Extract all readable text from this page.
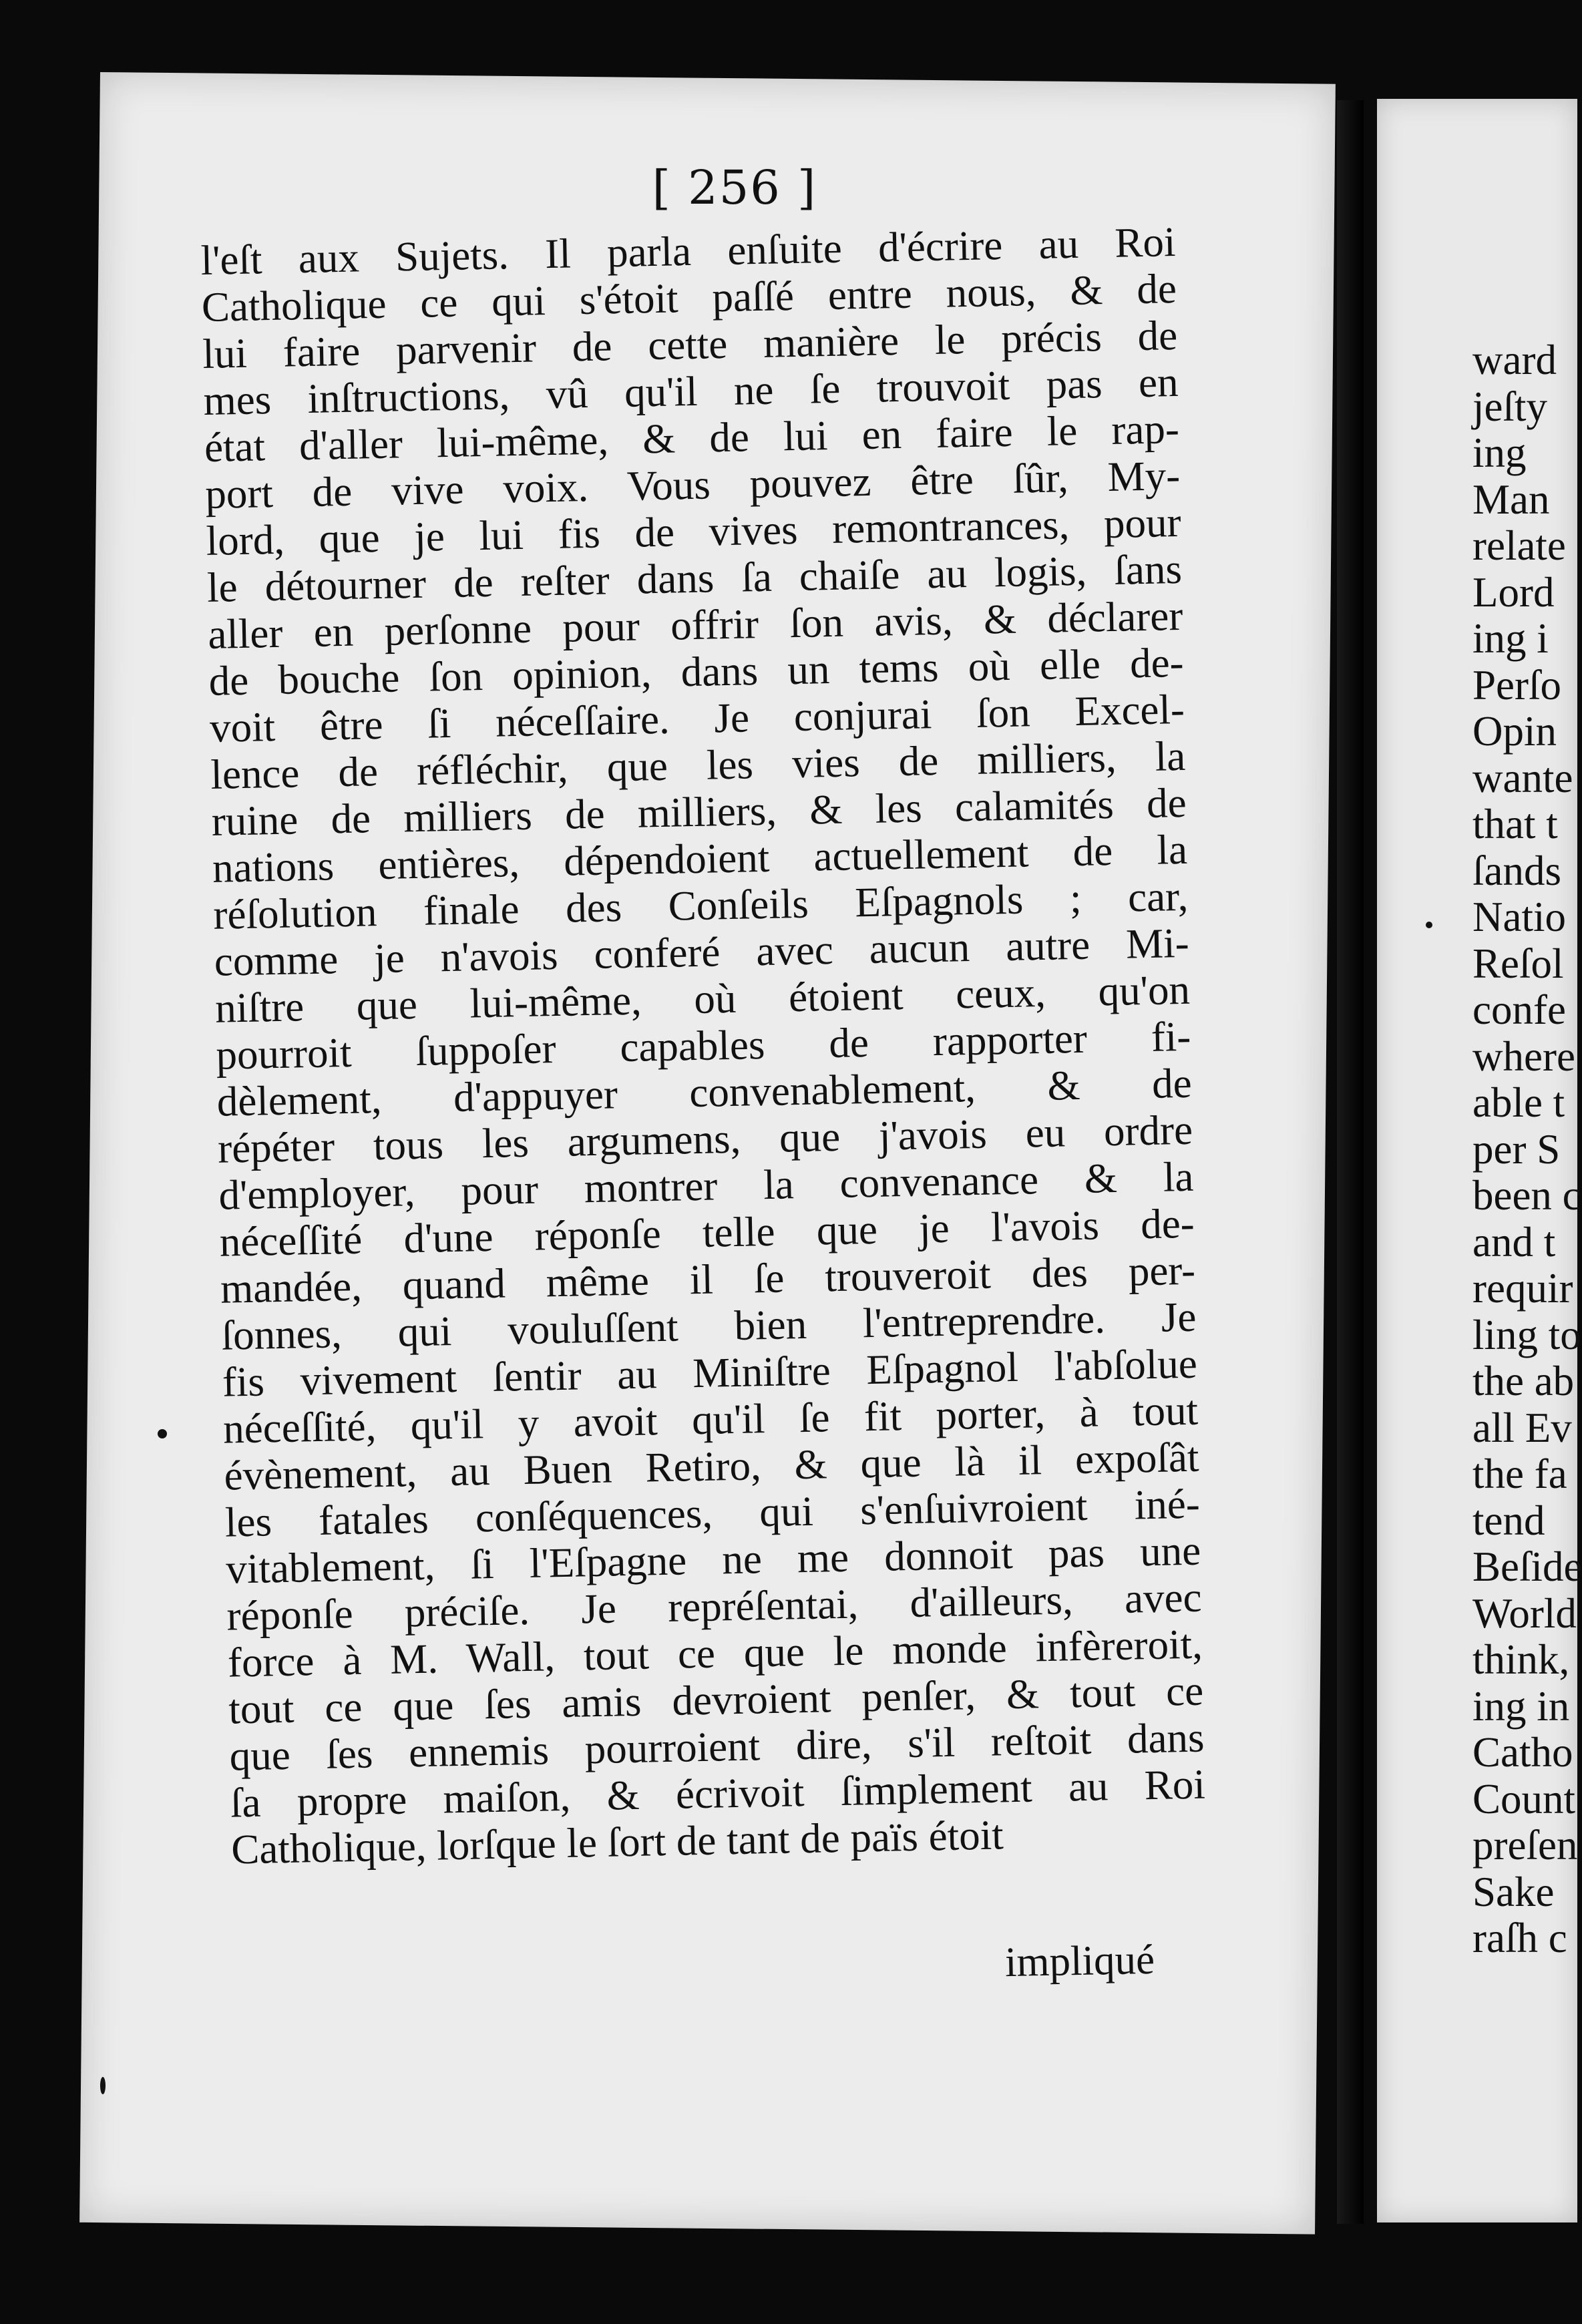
[ 256 ]
l'eſt aux Sujets. Il parla enſuite d'écrire au Roi
Catholique ce qui s'étoit paſſé entre nous, & de
lui faire parvenir de cette manière le précis de
mes inſtructions, vû qu'il ne ſe trouvoit pas en
état d'aller lui-même, & de lui en faire le rap-
port de vive voix. Vous pouvez être ſûr, My-
lord, que je lui fis de vives remontrances, pour
le détourner de reſter dans ſa chaiſe au logis, ſans
aller en perſonne pour offrir ſon avis, & déclarer
de bouche ſon opinion, dans un tems où elle de-
voit être ſi néceſſaire. Je conjurai ſon Excel-
lence de réfléchir, que les vies de milliers, la
ruine de milliers de milliers, & les calamités de
nations entières, dépendoient actuellement de la
réſolution finale des Conſeils Eſpagnols ; car,
comme je n'avois conferé avec aucun autre Mi-
niſtre que lui-même, où étoient ceux, qu'on
pourroit ſuppoſer capables de rapporter fi-
dèlement, d'appuyer convenablement, & de
répéter tous les argumens, que j'avois eu ordre
d'employer, pour montrer la convenance & la
néceſſité d'une réponſe telle que je l'avois de-
mandée, quand même il ſe trouveroit des per-
ſonnes, qui vouluſſent bien l'entreprendre. Je
fis vivement ſentir au Miniſtre Eſpagnol l'abſolue
néceſſité, qu'il y avoit qu'il ſe fit porter, à tout
évènement, au Buen Retiro, & que là il expoſât
les fatales conſéquences, qui s'enſuivroient iné-
vitablement, ſi l'Eſpagne ne me donnoit pas une
réponſe préciſe. Je repréſentai, d'ailleurs, avec
force à M. Wall, tout ce que le monde infèreroit,
tout ce que ſes amis devroient penſer, & tout ce
que ſes ennemis pourroient dire, s'il reſtoit dans
ſa propre maiſon, & écrivoit ſimplement au Roi
Catholique, lorſque le ſort de tant de païs étoit
impliqué
ward
jeſty
ing
Man
relate
Lord
ing i
Perſo
Opin
wante
that t
ſands
Natio
Reſol
confe
where
able t
per S
been c
and t
requir
ling to
the ab
all Ev
the fa
tend
Beſide
World
think,
ing in
Catho
Count
preſen
Sake
raſh c
